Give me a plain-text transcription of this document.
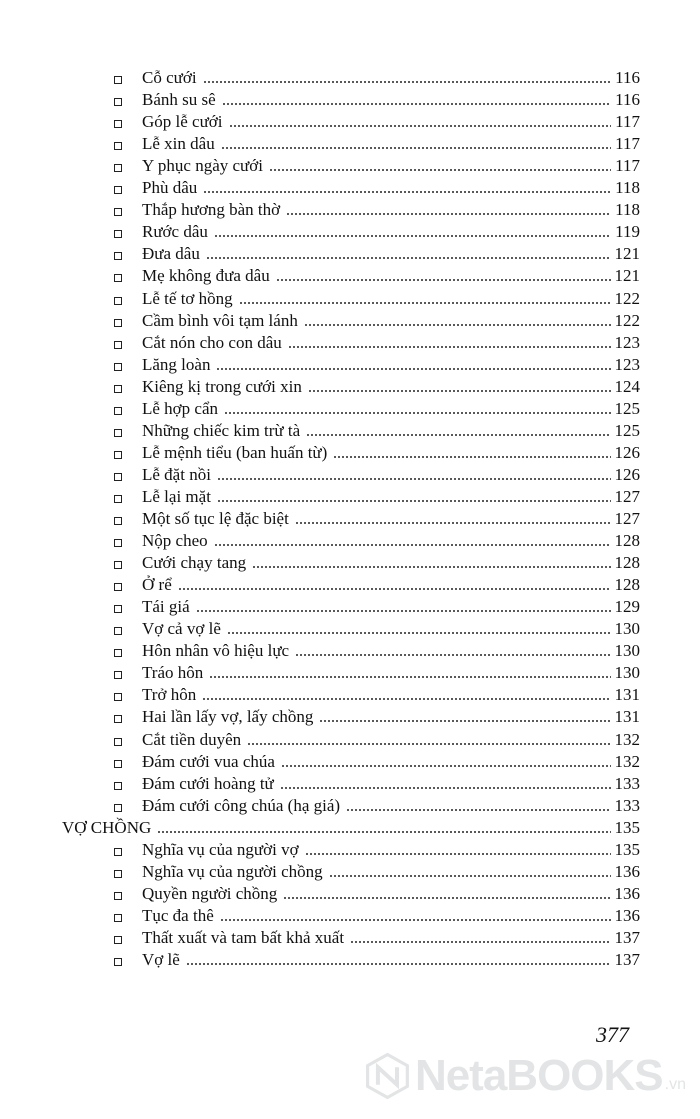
Cỗ cưới	116
Bánh su sê	116
Góp lễ cưới	117
Lễ xin dâu	117
Y phục ngày cưới	117
Phù dâu	118
Thắp hương bàn thờ	118
Rước dâu	119
Đưa dâu	121
Mẹ không đưa dâu	121
Lễ tế tơ hồng	122
Cầm bình vôi tạm lánh	122
Cắt nón cho con dâu	123
Lăng loàn	123
Kiêng kị trong cưới xin	124
Lễ hợp cẩn	125
Những chiếc kim trừ tà	125
Lễ mệnh tiểu (ban huấn từ)	126
Lễ đặt nồi	126
Lễ lại mặt	127
Một số tục lệ đặc biệt	127
Nộp cheo	128
Cưới chạy tang	128
Ở rể	128
Tái giá	129
Vợ cả vợ lẽ	130
Hôn nhân vô hiệu lực	130
Tráo hôn	130
Trở hôn	131
Hai lần lấy vợ, lấy chồng	131
Cắt tiền duyên	132
Đám cưới vua chúa	132
Đám cưới hoàng tử	133
Đám cưới công chúa (hạ giá)	133
VỢ CHỒNG	135
Nghĩa vụ của người vợ	135
Nghĩa vụ của người chồng	136
Quyền người chồng	136
Tục đa thê	136
Thất xuất và tam bất khả xuất	137
Vợ lẽ	137
377
NetaBOOKS .vn
